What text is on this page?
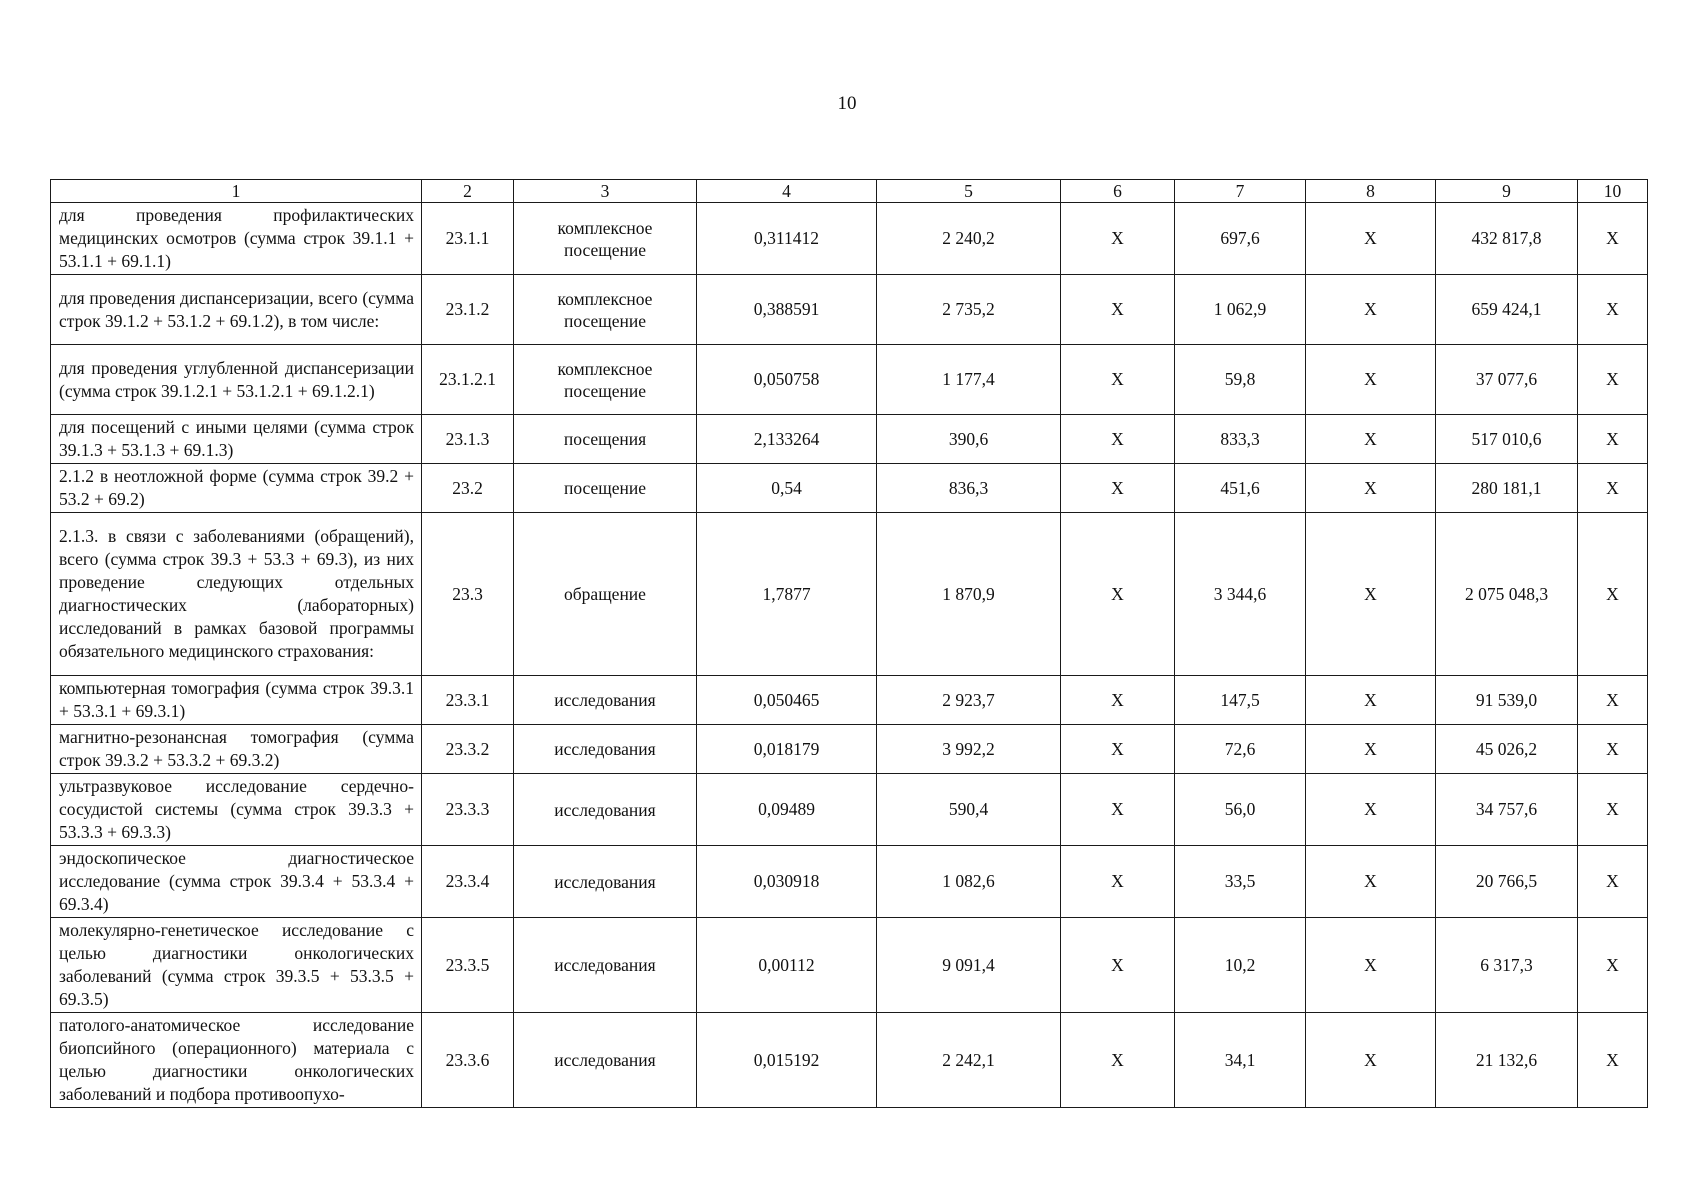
10
1	2	3	4	5	6	7	8	9	10
для проведения профилактических медицинских осмотров (сумма строк 39.1.1 + 53.1.1 + 69.1.1)	23.1.1	комплексное посещение	0,311412	2 240,2	X	697,6	X	432 817,8	X
для проведения диспансеризации, всего (сумма строк 39.1.2 + 53.1.2 + 69.1.2), в том числе:	23.1.2	комплексное посещение	0,388591	2 735,2	X	1 062,9	X	659 424,1	X
для проведения углубленной диспансеризации (сумма строк 39.1.2.1 + 53.1.2.1 + 69.1.2.1)	23.1.2.1	комплексное посещение	0,050758	1 177,4	X	59,8	X	37 077,6	X
для посещений с иными целями (сумма строк 39.1.3 + 53.1.3 + 69.1.3)	23.1.3	посещения	2,133264	390,6	X	833,3	X	517 010,6	X
2.1.2 в неотложной форме (сумма строк 39.2 + 53.2 + 69.2)	23.2	посещение	0,54	836,3	X	451,6	X	280 181,1	X
2.1.3. в связи с заболеваниями (обращений), всего (сумма строк 39.3 + 53.3 + 69.3), из них проведение следующих отдельных диагностических (лабораторных) исследований в рамках базовой программы обязательного медицинского страхования:	23.3	обращение	1,7877	1 870,9	X	3 344,6	X	2 075 048,3	X
компьютерная томография (сумма строк 39.3.1 + 53.3.1 + 69.3.1)	23.3.1	исследования	0,050465	2 923,7	X	147,5	X	91 539,0	X
магнитно-резонансная томография (сумма строк 39.3.2 + 53.3.2 + 69.3.2)	23.3.2	исследования	0,018179	3 992,2	X	72,6	X	45 026,2	X
ультразвуковое исследование сердечно-сосудистой системы (сумма строк 39.3.3 + 53.3.3 + 69.3.3)	23.3.3	исследования	0,09489	590,4	X	56,0	X	34 757,6	X
эндоскопическое диагностическое исследование (сумма строк 39.3.4 + 53.3.4 + 69.3.4)	23.3.4	исследования	0,030918	1 082,6	X	33,5	X	20 766,5	X
молекулярно-генетическое исследование с целью диагностики онкологических заболеваний (сумма строк 39.3.5 + 53.3.5 + 69.3.5)	23.3.5	исследования	0,00112	9 091,4	X	10,2	X	6 317,3	X
патолого-анатомическое исследование биопсийного (операционного) материала с целью диагностики онкологических заболеваний и подбора противоопухо-	23.3.6	исследования	0,015192	2 242,1	X	34,1	X	21 132,6	X
